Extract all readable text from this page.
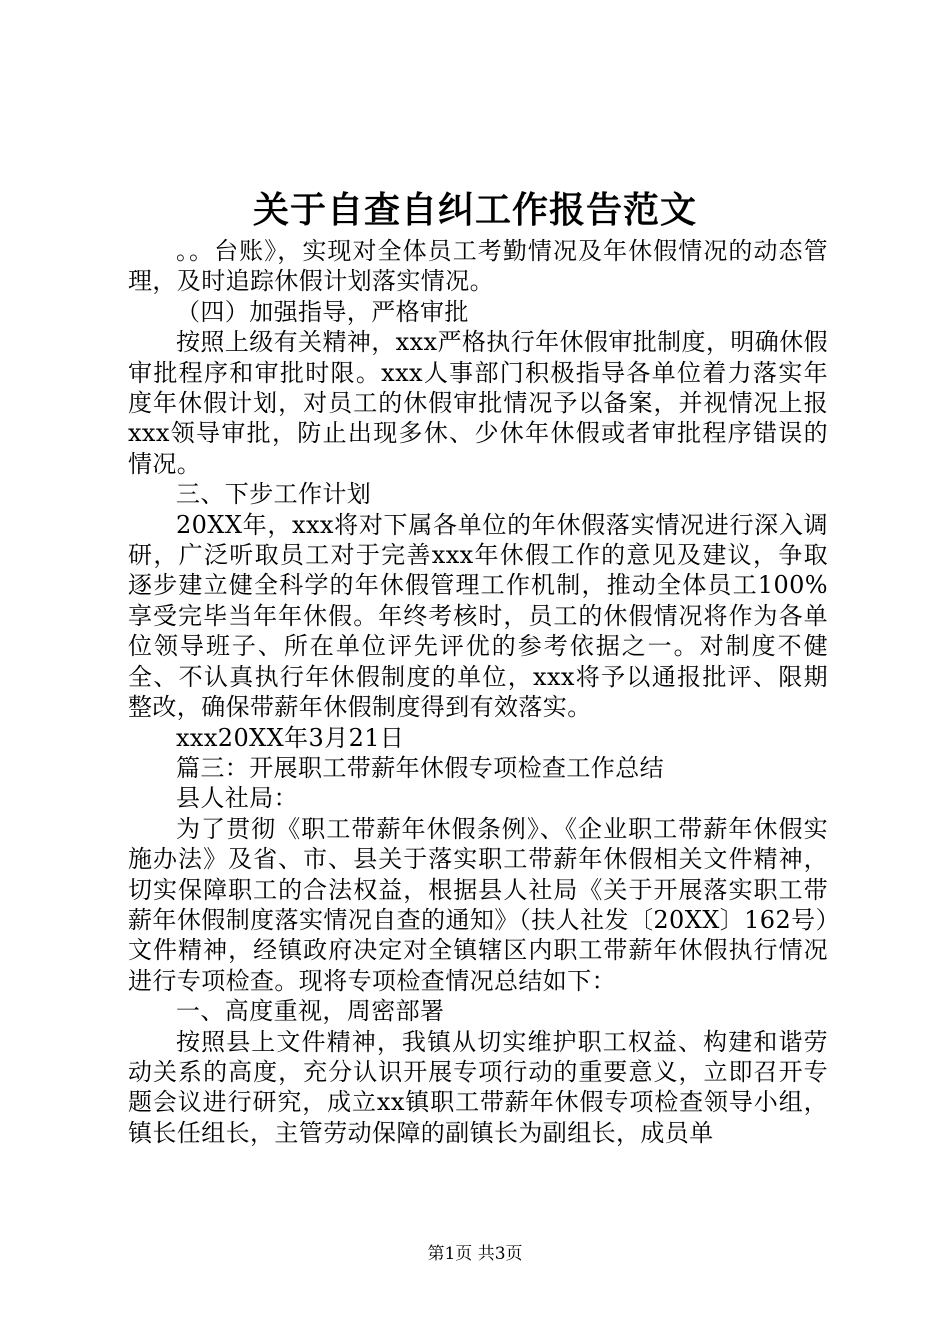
关于自查自纠工作报告范文

。。台账》，实现对全体员工考勤情况及年休假情况的动态管理，及时追踪休假计划落实情况。

（四）加强指导，严格审批

按照上级有关精神，xxx严格执行年休假审批制度，明确休假审批程序和审批时限。xxx人事部门积极指导各单位着力落实年度年休假计划，对员工的休假审批情况予以备案，并视情况上报xxx领导审批，防止出现多休、少休年休假或者审批程序错误的情况。

三、下步工作计划

20XX年，xxx将对下属各单位的年休假落实情况进行深入调研，广泛听取员工对于完善xxx年休假工作的意见及建议，争取逐步建立健全科学的年休假管理工作机制，推动全体员工100%享受完毕当年年休假。年终考核时，员工的休假情况将作为各单位领导班子、所在单位评先评优的参考依据之一。对制度不健全、不认真执行年休假制度的单位，xxx将予以通报批评、限期整改，确保带薪年休假制度得到有效落实。

xxx20XX年3月21日

篇三：开展职工带薪年休假专项检查工作总结

县人社局：

为了贯彻《职工带薪年休假条例》、《企业职工带薪年休假实施办法》及省、市、县关于落实职工带薪年休假相关文件精神，切实保障职工的合法权益，根据县人社局《关于开展落实职工带薪年休假制度落实情况自查的通知》（扶人社发〔20XX〕162号）文件精神，经镇政府决定对全镇辖区内职工带薪年休假执行情况进行专项检查。现将专项检查情况总结如下：

一、高度重视，周密部署

按照县上文件精神，我镇从切实维护职工权益、构建和谐劳动关系的高度，充分认识开展专项行动的重要意义，立即召开专题会议进行研究，成立xx镇职工带薪年休假专项检查领导小组，镇长任组长，主管劳动保障的副镇长为副组长，成员单

第1页 共3页
